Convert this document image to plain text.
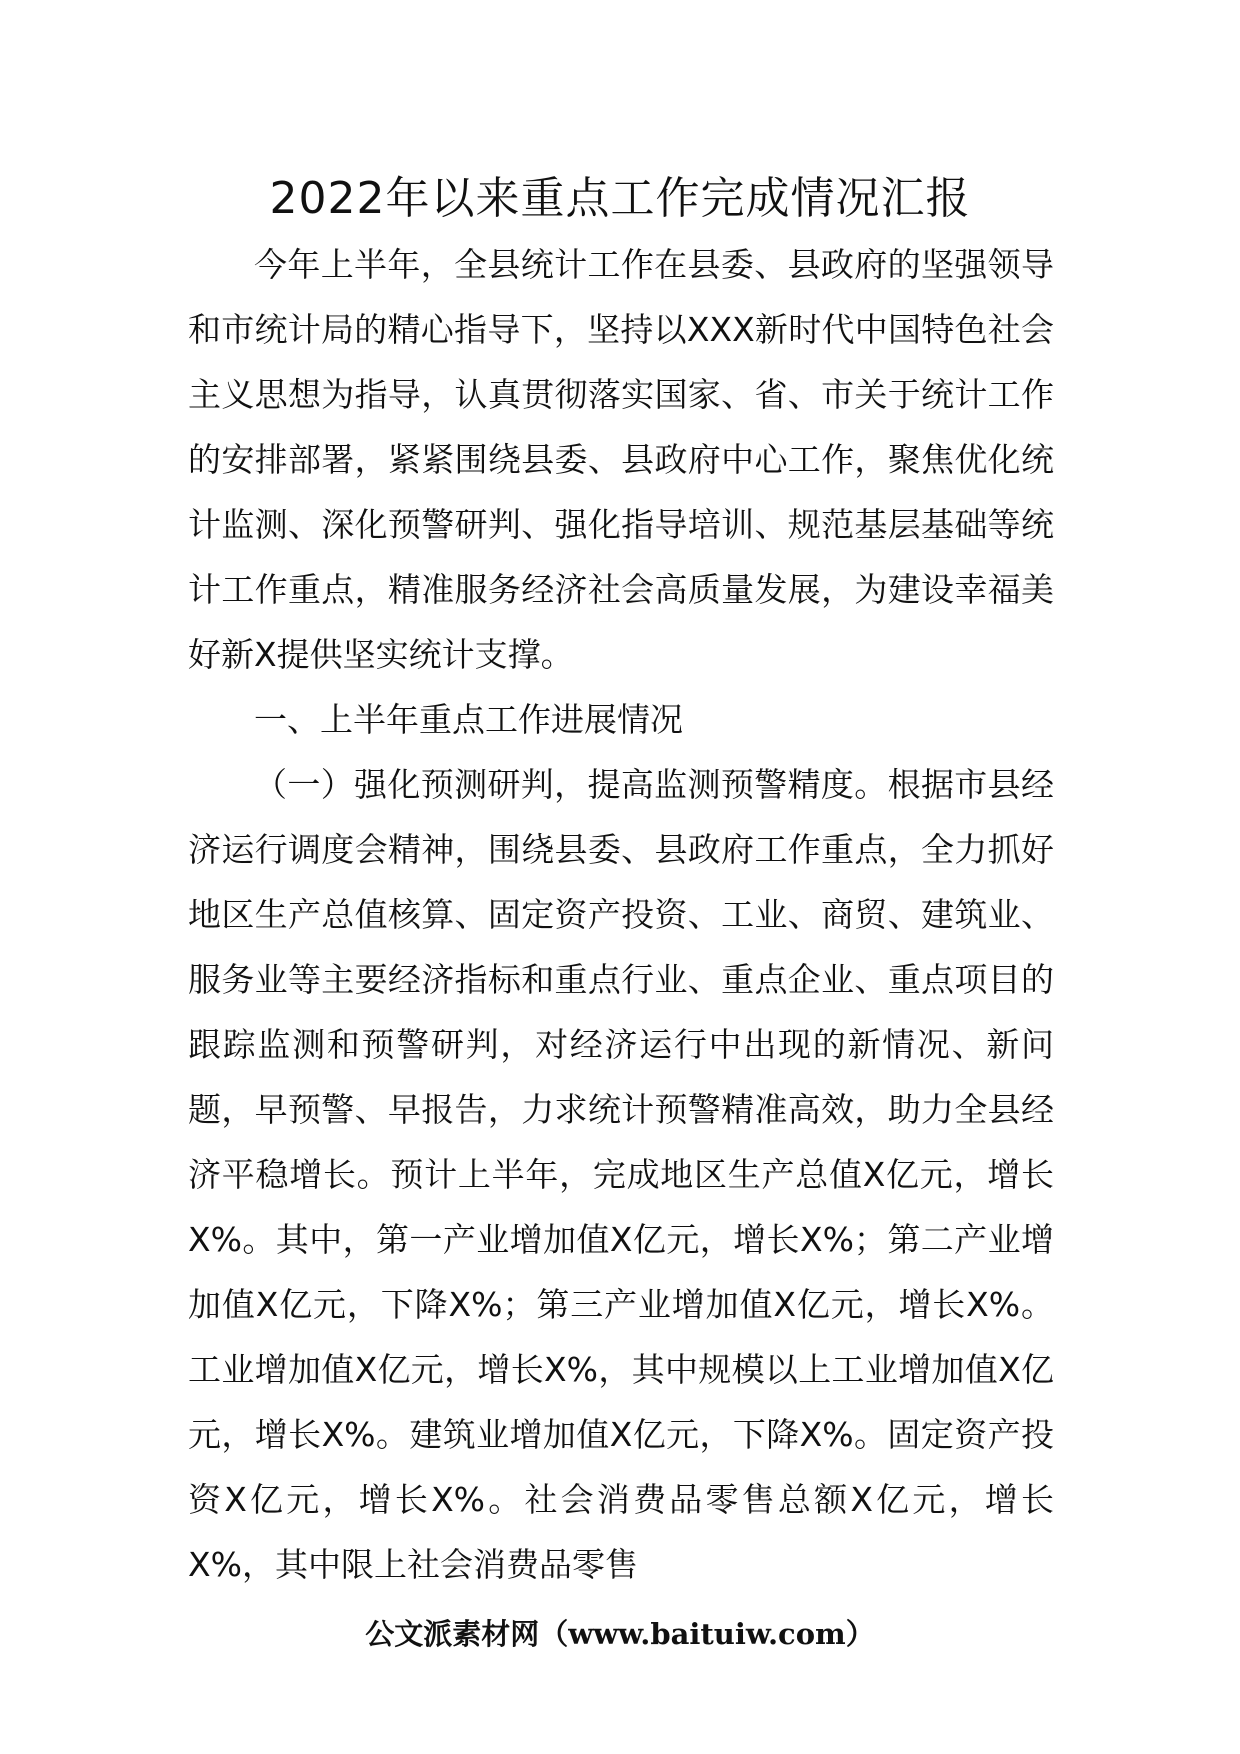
2022年以来重点工作完成情况汇报

今年上半年，全县统计工作在县委、县政府的坚强领导和市统计局的精心指导下，坚持以XXX新时代中国特色社会主义思想为指导，认真贯彻落实国家、省、市关于统计工作的安排部署，紧紧围绕县委、县政府中心工作，聚焦优化统计监测、深化预警研判、强化指导培训、规范基层基础等统计工作重点，精准服务经济社会高质量发展，为建设幸福美好新X提供坚实统计支撑。

一、上半年重点工作进展情况

（一）强化预测研判，提高监测预警精度。根据市县经济运行调度会精神，围绕县委、县政府工作重点，全力抓好地区生产总值核算、固定资产投资、工业、商贸、建筑业、服务业等主要经济指标和重点行业、重点企业、重点项目的跟踪监测和预警研判，对经济运行中出现的新情况、新问题，早预警、早报告，力求统计预警精准高效，助力全县经济平稳增长。预计上半年，完成地区生产总值X亿元，增长X%。其中，第一产业增加值X亿元，增长X%；第二产业增加值X亿元，下降X%；第三产业增加值X亿元，增长X%。工业增加值X亿元，增长X%，其中规模以上工业增加值X亿元，增长X%。建筑业增加值X亿元，下降X%。固定资产投资X亿元，增长X%。社会消费品零售总额X亿元，增长X%，其中限上社会消费品零售

公文派素材网（www.baituiw.com）
